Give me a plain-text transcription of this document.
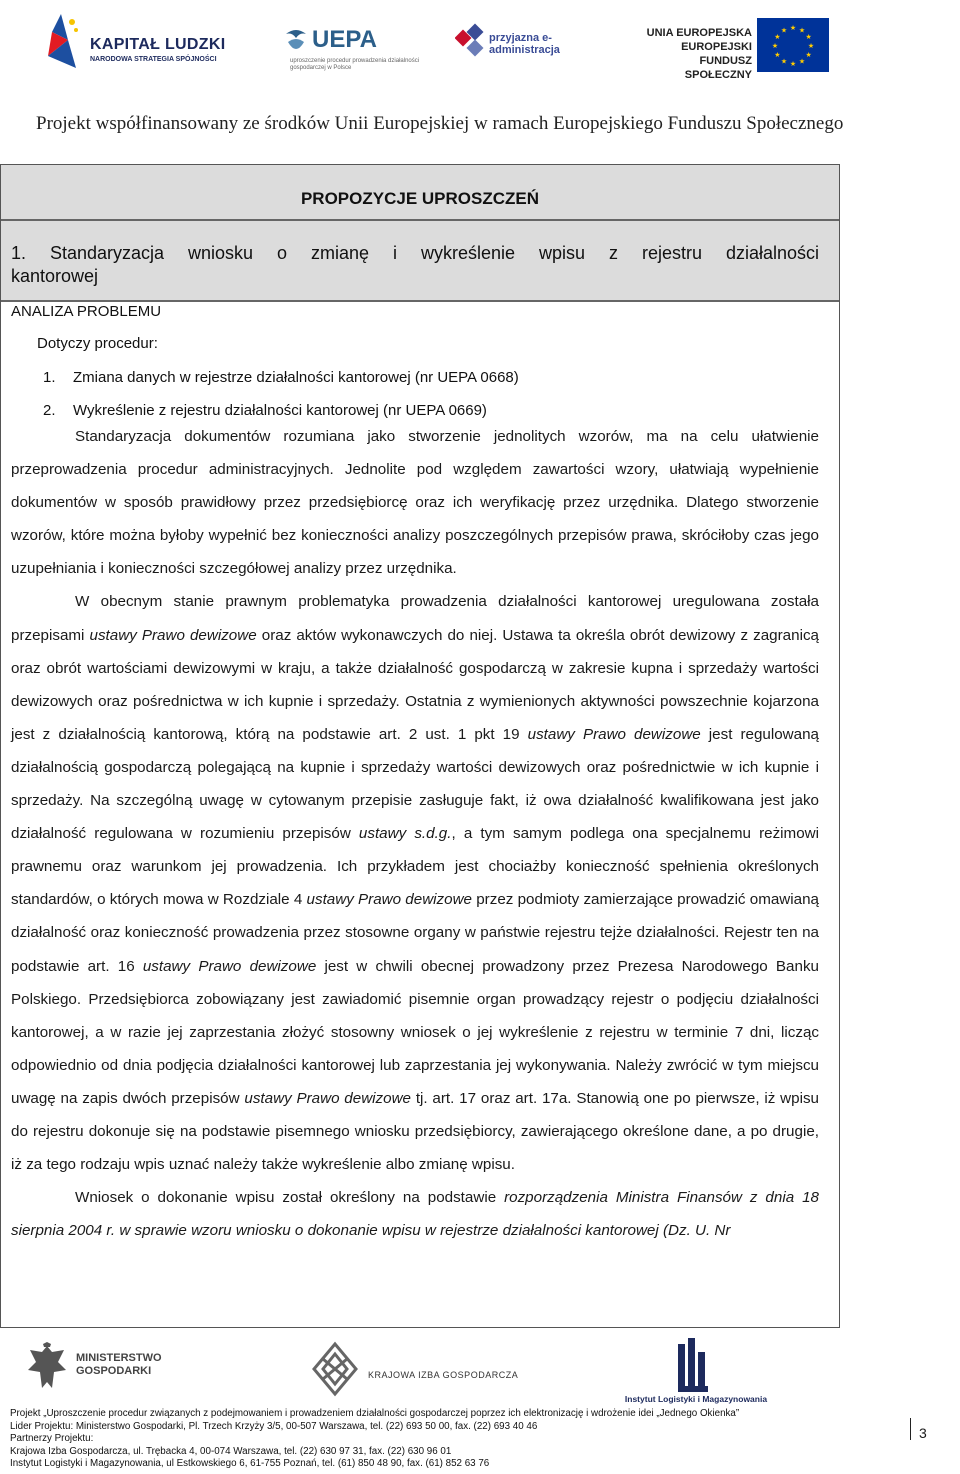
KAPITAŁ LUDZKI
NARODOWA STRATEGIA SPÓJNOŚCI
UEPA
uproszczenie procedur prowadzenia działalności gospodarczej w Polsce
przyjazna e-administracja
UNIA EUROPEJSKA
EUROPEJSKI
FUNDUSZ SPOŁECZNY
★ ★
★
★
★
★
★
★
★
★
★
★
Projekt współfinansowany ze środków Unii Europejskiej w ramach Europejskiego Funduszu Społecznego
PROPOZYCJE UPROSZCZEŃ
1. Standaryzacja wniosku o zmianę i wykreślenie wpisu z rejestru działalności
kantorowej
ANALIZA PROBLEMU
Dotyczy procedur:
1. Zmiana danych w rejestrze działalności kantorowej (nr UEPA 0668)
2. Wykreślenie z rejestru działalności kantorowej (nr UEPA 0669)

Standaryzacja dokumentów rozumiana jako stworzenie jednolitych wzorów, ma na celu ułatwienie przeprowadzenia procedur administracyjnych. Jednolite pod względem zawartości wzory, ułatwiają wypełnienie dokumentów w sposób prawidłowy przez przedsiębiorcę oraz ich weryfikację przez urzędnika. Dlatego stworzenie wzorów, które można byłoby wypełnić bez konieczności analizy poszczególnych przepisów prawa, skróciłoby czas jego uzupełniania i konieczności szczegółowej analizy przez urzędnika.

W obecnym stanie prawnym problematyka prowadzenia działalności kantorowej uregulowana została przepisami ustawy Prawo dewizowe oraz aktów wykonawczych do niej. Ustawa ta określa obrót dewizowy z zagranicą oraz obrót wartościami dewizowymi w kraju, a także działalność gospodarczą w zakresie kupna i sprzedaży wartości dewizowych oraz pośrednictwa w ich kupnie i sprzedaży. Ostatnia z wymienionych aktywności powszechnie kojarzona jest z działalnością kantorową, którą na podstawie art. 2 ust. 1 pkt 19 ustawy Prawo dewizowe jest regulowaną działalnością gospodarczą polegającą na kupnie i sprzedaży wartości dewizowych oraz pośrednictwie w ich kupnie i sprzedaży. Na szczególną uwagę w cytowanym przepisie zasługuje fakt, iż owa działalność kwalifikowana jest jako działalność regulowana w rozumieniu przepisów ustawy s.d.g., a tym samym podlega ona specjalnemu reżimowi prawnemu oraz warunkom jej prowadzenia. Ich przykładem jest chociażby konieczność spełnienia określonych standardów, o których mowa w Rozdziale 4 ustawy Prawo dewizowe przez podmioty zamierzające prowadzić omawianą działalność oraz konieczność prowadzenia przez stosowne organy w państwie rejestru tejże działalności. Rejestr ten na podstawie art. 16 ustawy Prawo dewizowe jest w chwili obecnej prowadzony przez Prezesa Narodowego Banku Polskiego. Przedsiębiorca zobowiązany jest zawiadomić pisemnie organ prowadzący rejestr o podjęciu działalności kantorowej, a w razie jej zaprzestania złożyć stosowny wniosek o jej wykreślenie z rejestru w terminie 7 dni, licząc odpowiednio od dnia podjęcia działalności kantorowej lub zaprzestania jej wykonywania. Należy zwrócić w tym miejscu uwagę na zapis dwóch przepisów ustawy Prawo dewizowe tj. art. 17 oraz art. 17a. Stanowią one po pierwsze, iż wpisu do rejestru dokonuje się na podstawie pisemnego wniosku przedsiębiorcy, zawierającego określone dane, a po drugie, iż za tego rodzaju wpis uznać należy także wykreślenie albo zmianę wpisu.

Wniosek o dokonanie wpisu został określony na podstawie rozporządzenia Ministra Finansów z dnia 18 sierpnia 2004 r. w sprawie wzoru wniosku o dokonanie wpisu w rejestrze działalności kantorowej (Dz. U. Nr

MINISTERSTWO GOSPODARKI	KRAJOWA IZBA GOSPODARCZA
Instytut Logistyki i Magazynowania
Projekt „Uproszczenie procedur związanych z podejmowaniem i prowadzeniem działalności gospodarczej poprzez ich elektronizację i wdrożenie idei „Jednego Okienka”
Lider Projektu: Ministerstwo Gospodarki, Pl. Trzech Krzyży 3/5, 00-507 Warszawa, tel. (22) 693 50 00, fax. (22) 693 40 46
Partnerzy Projektu:
Krajowa Izba Gospodarcza, ul. Trębacka 4, 00-074 Warszawa, tel. (22) 630 97 31, fax. (22) 630 96 01
Instytut Logistyki i Magazynowania, ul Estkowskiego 6, 61-755 Poznań, tel. (61) 850 48 90, fax. (61) 852 63 76
3
